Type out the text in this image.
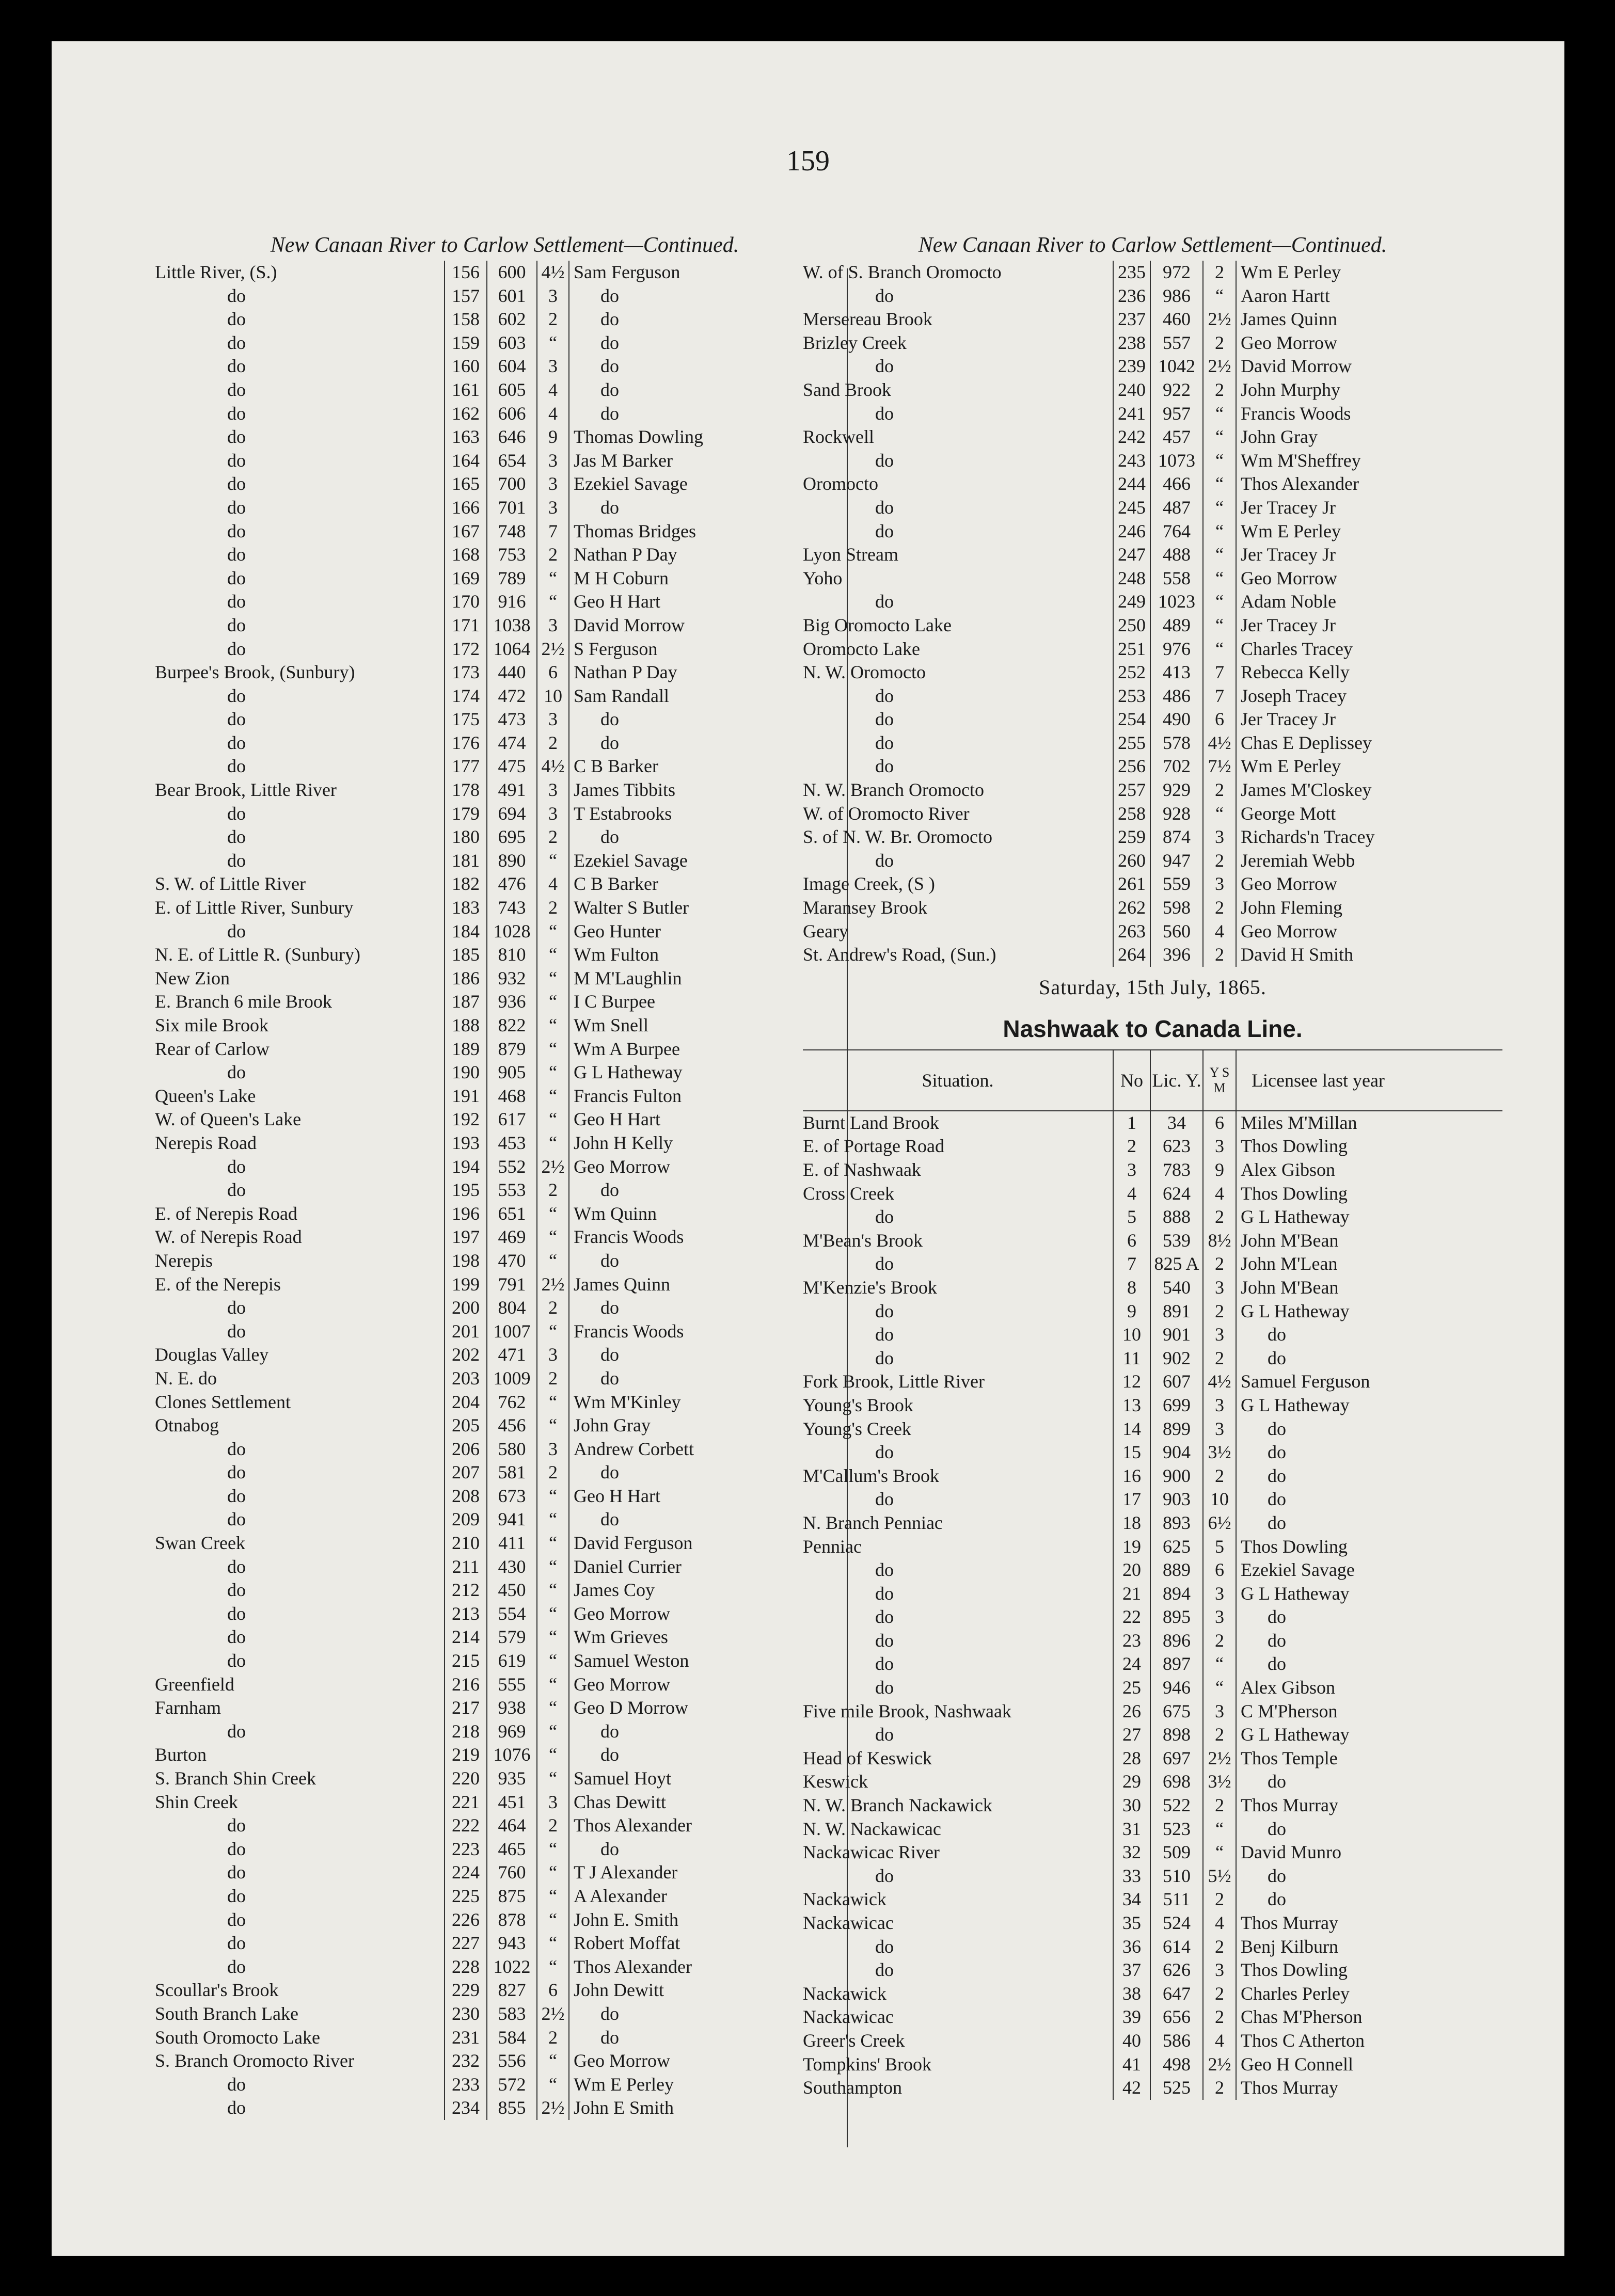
159
New Canaan River to Carlow Settlement—Continued.
Little River, (S.)	156 600 4½ Sam Ferguson
do	157 601	3	do
do	158 602	2	do
do	159 603	“	do
do	160 604	3	do
do	161 605	4	do
do	162 606	4	do
do	163 646	9 Thomas Dowling
do	164 654	3 Jas M Barker
do	165 700	3 Ezekiel Savage
do	166 701	3	do
do	167 748	7 Thomas Bridges
do	168 753	2 Nathan P Day
do	169 789	“ M H Coburn
do	170 916	“ Geo H Hart
do	171 1038 3 David Morrow
do	172 1064 2½ S Ferguson
Burpee's Brook, (Sunbury)	173 440	6 Nathan P Day
do	174 472 10 Sam Randall
do	175 473	3	do
do	176 474	2	do
do	177 475 4½ C B Barker
Bear Brook, Little River	178 491	3 James Tibbits
do	179 694	3 T Estabrooks
do	180 695	2	do
do	181 890	“ Ezekiel Savage
S. W. of Little River	182 476	4 C B Barker
E. of Little River, Sunbury	183 743	2 Walter S Butler
do	184 1028 “ Geo Hunter
N. E. of Little R. (Sunbury)	185 810	“ Wm Fulton
New Zion	186 932	“ M M'Laughlin
E. Branch 6 mile Brook	187 936	“ I C Burpee
Six mile Brook	188 822	“ Wm Snell
Rear of Carlow	189 879	“ Wm A Burpee
do	190 905	“ G L Hatheway
Queen's Lake	191 468	“ Francis Fulton
W. of Queen's Lake	192 617	“ Geo H Hart
Nerepis Road	193 453	“ John H Kelly
do	194 552 2½ Geo Morrow
do	195 553	2	do
E. of Nerepis Road	196 651	“ Wm Quinn
W. of Nerepis Road	197 469	“ Francis Woods
Nerepis	198 470	“	do
E. of the Nerepis	199 791 2½ James Quinn
do	200 804	2	do
do	201 1007 “ Francis Woods
Douglas Valley	202 471	3	do
N. E. do	203 1009 2	do
Clones Settlement	204 762	“ Wm M'Kinley
Otnabog	205 456	“ John Gray
do	206 580	3 Andrew Corbett
do	207 581	2	do
do	208 673	“ Geo H Hart
do	209 941	“	do
Swan Creek	210	411	“ David Ferguson
do	211	430	“ Daniel Currier
do	212 450	“ James Coy
do	213 554	“ Geo Morrow
do	214 579	“ Wm Grieves
do	215 619	“ Samuel Weston
Greenfield	216 555	“ Geo Morrow
Farnham	217 938	“ Geo D Morrow
do	218 969	“	do
Burton	219 1076 “	do
S. Branch Shin Creek	220 935	“ Samuel Hoyt
Shin Creek	221 451	3 Chas Dewitt
do	222 464	2 Thos Alexander
do	223 465	“	do
do	224 760	“ T J Alexander
do	225 875	“ A Alexander
do	226 878	“ John E. Smith
do	227 943	“ Robert Moffat
do	228 1022 “ Thos Alexander
Scoullar's Brook	229 827	6 John Dewitt
South Branch Lake	230 583 2½	do
South Oromocto Lake	231 584	2	do
S. Branch Oromocto River	232 556	“ Geo Morrow
do	233 572	“ Wm E Perley
do	234 855 2½ John E Smith
New Canaan River to Carlow Settlement—Continued.
W. of S. Branch Oromocto	235 972	2 Wm E Perley
do	236 986	“ Aaron Hartt
Mersereau Brook	237 460 2½ James Quinn
Brizley Creek	238 557	2 Geo Morrow
do	239 1042 2½ David Morrow
Sand Brook	240 922	2 John Murphy
do	241 957	“ Francis Woods
Rockwell	242 457	“ John Gray
do	243 1073	“ Wm M'Sheffrey
Oromocto	244 466	“ Thos Alexander
do	245 487	“ Jer Tracey Jr
do	246 764	“ Wm E Perley
Lyon Stream	247 488	“ Jer Tracey Jr
Yoho	248 558	“ Geo Morrow
do	249 1023	“ Adam Noble
Big Oromocto Lake	250 489	“ Jer Tracey Jr
Oromocto Lake	251 976	“ Charles Tracey
N. W. Oromocto	252 413	7 Rebecca Kelly
do	253 486	7 Joseph Tracey
do	254 490	6 Jer Tracey Jr
do	255 578 4½ Chas E Deplissey
do	256 702 7½ Wm E Perley
N. W. Branch Oromocto	257 929	2 James M'Closkey
W. of Oromocto River	258 928	“ George Mott
S. of N. W. Br. Oromocto	259 874	3 Richards'n Tracey
do	260 947	2 Jeremiah Webb
Image Creek, (S )	261 559	3 Geo Morrow
Maransey Brook	262 598	2 John Fleming
Geary	263 560	4 Geo Morrow
St. Andrew's Road, (Sun.)	264 396	2 David H Smith
Saturday, 15th July, 1865.
Nashwaak to Canada Line.
Situation.	No Lic. Y. Y S M	Licensee last year
Burnt Land Brook	1	34	6 Miles M'Millan
E. of Portage Road	2	623	3 Thos Dowling
E. of Nashwaak	3	783	9 Alex Gibson
Cross Creek	4	624	4 Thos Dowling
do	5	888	2 G L Hatheway
M'Bean's Brook	6	539 8½ John M'Bean
do	7 825 A 2 John M'Lean
M'Kenzie's Brook	8	540	3 John M'Bean
do	9	891	2 G L Hatheway
do	10	901	3	do
do	11	902	2	do
Fork Brook, Little River	12	607 4½ Samuel Ferguson
Young's Brook	13	699	3 G L Hatheway
Young's Creek	14	899	3	do
do	15	904 3½	do
M'Callum's Brook	16	900	2	do
do	17	903	10	do
N. Branch Penniac	18	893 6½	do
Penniac	19	625	5 Thos Dowling
do	20	889	6 Ezekiel Savage
do	21	894	3 G L Hatheway
do	22	895	3	do
do	23	896	2	do
do	24	897	“	do
do	25	946	“ Alex Gibson
Five mile Brook, Nashwaak	26	675	3 C M'Pherson
do	27	898	2 G L Hatheway
Head of Keswick	28	697 2½ Thos Temple
Keswick	29	698 3½	do
N. W. Branch Nackawick	30	522	2 Thos Murray
N. W. Nackawicac	31	523	“	do
Nackawicac River	32	509	“ David Munro
do	33	510 5½	do
Nackawick	34	511	2	do
Nackawicac	35	524	4 Thos Murray
do	36	614	2 Benj Kilburn
do	37	626	3 Thos Dowling
Nackawick	38	647	2 Charles Perley
Nackawicac	39	656	2 Chas M'Pherson
Greer's Creek	40	586	4 Thos C Atherton
Tompkins' Brook	41	498 2½ Geo H Connell
Southampton	42	525	2 Thos Murray
